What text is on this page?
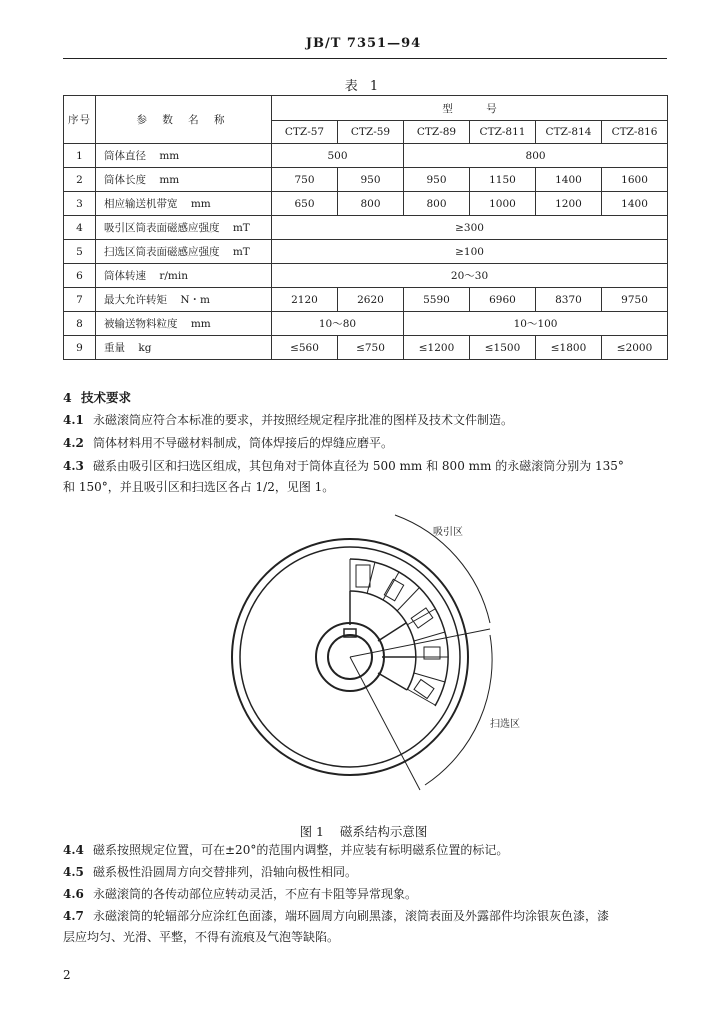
JB/T 7351—94
表 1
序号	参 数 名 称	型          号					
		CTZ-57	CTZ-59	CTZ-89	CTZ-811	CTZ-814	CTZ-816
1	筒体直径    mm	500		800			
2	筒体长度    mm	750	950	950	1150	1400	1600
3	相应输送机带宽    mm	650	800	800	1000	1200	1400
4	吸引区筒表面磁感应强度    mT	≥300					
5	扫选区筒表面磁感应强度    mT	≥100					
6	筒体转速    r/min	20～30					
7	最大允许转矩    N・m	2120	2620	5590	6960	8370	9750
8	被输送物料粒度    mm	10～80		10～100			
9	重量    kg	≤560	≤750	≤1200	≤1500	≤1800	≤2000
4 技术要求
4.1 永磁滚筒应符合本标准的要求，并按照经规定程序批准的图样及技术文件制造。
4.2 筒体材料用不导磁材料制成，筒体焊接后的焊缝应磨平。
4.3 磁系由吸引区和扫选区组成，其包角对于筒体直径为 500 mm 和 800 mm 的永磁滚筒分别为 135°
和 150°，并且吸引区和扫选区各占 1/2，见图 1。
吸引区
扫选区
图 1    磁系结构示意图
4.4 磁系按照规定位置，可在±20°的范围内调整，并应装有标明磁系位置的标记。
4.5 磁系极性沿圆周方向交替排列，沿轴向极性相同。
4.6 永磁滚筒的各传动部位应转动灵活，不应有卡阻等异常现象。
4.7 永磁滚筒的轮辐部分应涂红色面漆，端环圆周方向刷黑漆，滚筒表面及外露部件均涂银灰色漆，漆
层应均匀、光滑、平整，不得有流痕及气泡等缺陷。
2
